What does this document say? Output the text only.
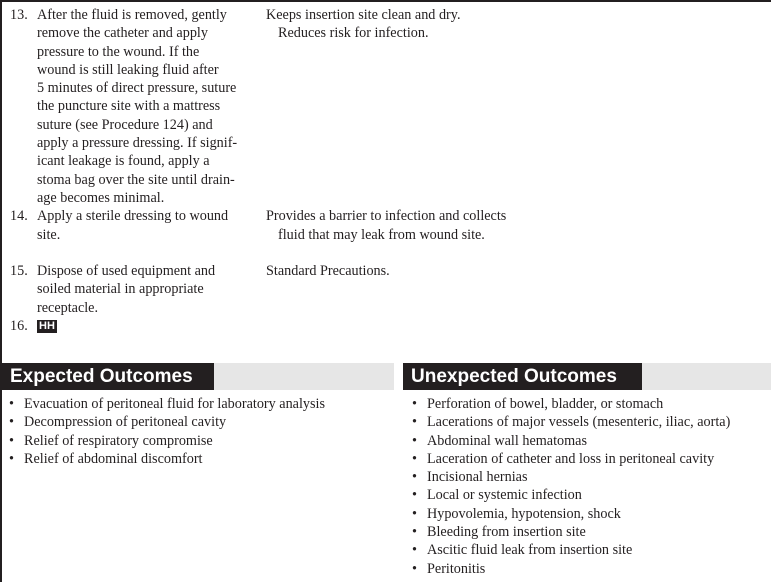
13. After the fluid is removed, gently
remove the catheter and apply
pressure to the wound. If the
wound is still leaking fluid after
5 minutes of direct pressure, suture
the puncture site with a mattress
suture (see Procedure 124) and
apply a pressure dressing. If signif-
icant leakage is found, apply a
stoma bag over the site until drain-
age becomes minimal.
Keeps insertion site clean and dry. Reduces risk for infection.
14. Apply a sterile dressing to wound
site.
Provides a barrier to infection and collects fluid that may leak from wound site.
15. Dispose of used equipment and
soiled material in appropriate
receptacle.
Standard Precautions.
16.	HH
Expected Outcomes	Unexpected Outcomes
• Evacuation of peritoneal fluid for laboratory analysis
• Decompression of peritoneal cavity
• Relief of respiratory compromise
• Relief of abdominal discomfort
• Perforation of bowel, bladder, or stomach
• Lacerations of major vessels (mesenteric, iliac, aorta)
• Abdominal wall hematomas
• Laceration of catheter and loss in peritoneal cavity
• Incisional hernias
• Local or systemic infection
• Hypovolemia, hypotension, shock
• Bleeding from insertion site
• Ascitic fluid leak from insertion site
• Peritonitis
